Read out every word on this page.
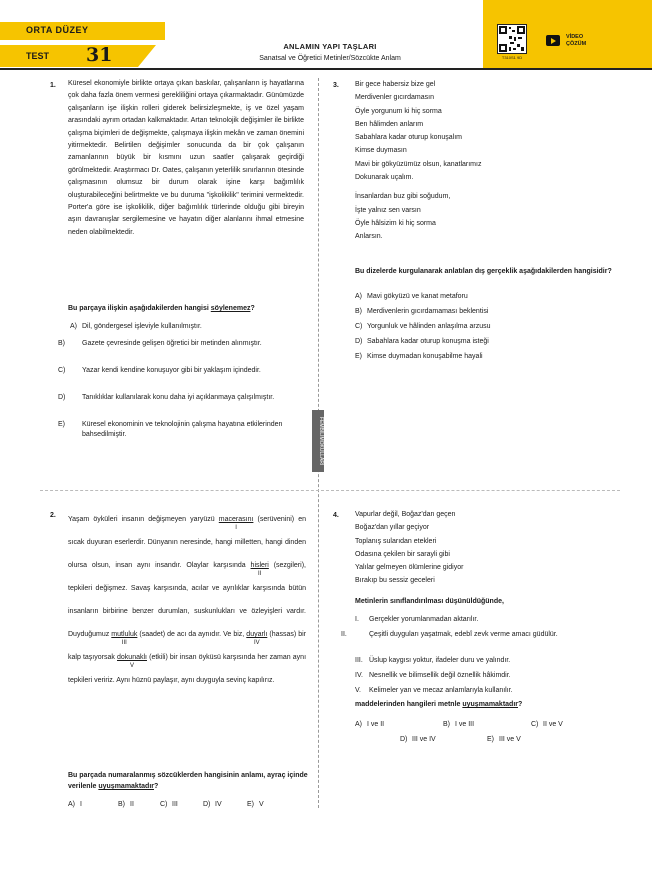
ORTA DÜZEY
TEST 31	ANLAMIN YAPI TAŞLARI
Sanatsal ve Öğretici Metinler/Sözcükte Anlam	T310S1 9D
VİDEO
ÇÖZÜM
FEMBILIMOKULLARI
1. Küresel ekonomiyle birlikte ortaya çıkan baskılar, çalışanların iş hayatlarına çok daha fazla önem vermesi gerekliliğini ortaya çıkarmaktadır. Günümüzde çalışanların işe ilişkin rolleri giderek belirsizleşmekte, iş ve özel yaşam arasındaki ayrım ortadan kalkmaktadır. Artan teknolojik değişimler ile birlikte çalışma biçimleri de değişmekte, çalışmaya ilişkin mekân ve zaman önemini yitirmektedir. Belirtilen değişimler sonucunda da bir çok çalışanın zamanlarının büyük bir kısmını uzun saatler çalışarak geçirdiği görülmektedir. Araştırmacı Dr. Oates, çalışanın yeterlilik sınırlarının ötesinde çalışmasının olumsuz bir durum olarak işine karşı bağımlılık oluşturabileceğini belirtmekte ve bu duruma "işkolikilik" terimini vermektedir. Porter'a göre ise işkolikilik, diğer bağımlılık türlerinde olduğu gibi bireyin aşırı davranışlar sergilemesine ve hayatın diğer alanlarını ihmal etmesine neden olabilmektedir.
Bu parçaya ilişkin aşağıdakilerden hangisi söylenemez?
A) Dil, göndergesel işleviyle kullanılmıştır.
B) Gazete çevresinde gelişen öğretici bir metinden alınmıştır.
C) Yazar kendi kendine konuşuyor gibi bir yaklaşım içindedir.
D) Tanıklıklar kullanılarak konu daha iyi açıklanmaya çalışılmıştır.
E) Küresel ekonominin ve teknolojinin çalışma hayatına etkilerinden bahsedilmiştir.
3. Bir gece habersiz bize gel
Merdivenler gıcırdamasın
Öyle yorgunum ki hiç sorma
Ben hâlimden anlarım
Sabahlara kadar oturup konuşalım
Kimse duymasın
Mavi bir gökyüzümüz olsun, kanatlarımız
Dokunarak uçalım.
İnsanlardan buz gibi soğudum,
İşte yalnız sen varsın
Öyle hâlsizim ki hiç sorma
Anlarsın.
Bu dizelerde kurgulanarak anlatılan dış gerçeklik aşağıdakilerden hangisidir?
A) Mavi gökyüzü ve kanat metaforu
B) Merdivenlerin gıcırdamaması beklentisi
C) Yorgunluk ve hâlinden anlaşılma arzusu
D) Sabahlara kadar oturup konuşma isteği
E) Kimse duymadan konuşabilme hayali
2.
Yaşam öyküleri insanın değişmeyen yaryüzü macerasını
I
(serüvenini) en sıcak duyuran eserlerdir. Dünyanın neresinde, hangi milletten, hangi dinden olursa olsun, insan aynı insandır. Olaylar karşısında hisleri
II
(sezgileri), tepkileri değişmez. Savaş karşısında, acılar ve ayrılıklar karşısında bütün insanların birbirine benzer durumları, suskunlukları ve özleyişleri vardır. Duyduğumuz mutluluk
III
(saadet) de acı da aynıdır. Ve biz, duyarlı
IV
(hassas) bir kalp taşıyorsak dokunaklı
V
(etkili) bir insan öyküsü karşısında her zaman aynı tepkileri veririz. Aynı hüznü paylaşır, aynı duyguyla sevinç kapılırız.
Bu parçada numaralanmış sözcüklerden hangisinin anlamı, ayraç içinde verilenle uyuşmamaktadır?
A) I	B) II	C) III	D) IV	E) V
4. Vapurlar değil, Boğaz'dan geçen
Boğaz'dan yıllar geçiyor
Toplanış sularıdan etekleri
Odasına çekilen bir sarayli gibi
Yalılar gelmeyen ölümlerine gidiyor
Bırakıp bu sessiz geceleri
Metinlerin sınıflandırılması düşünüldüğünde,
I. Gerçekler yorumlanmadan aktarılır.
II.	Çeşitli duyguları yaşatmak, edebî zevk verme amacı güdülür.
III. Üslup kaygısı yoktur, ifadeler duru ve yalındır.
IV. Nesnellik ve bilimsellik değil öznellik hâkimdir.
V. Kelimeler yan ve mecaz anlamlarıyla kullanılır.
maddelerinden hangileri metnle uyuşmamaktadır?
A) I ve II	B) I ve III	C) II ve V
D) III ve IV	E) III ve V
